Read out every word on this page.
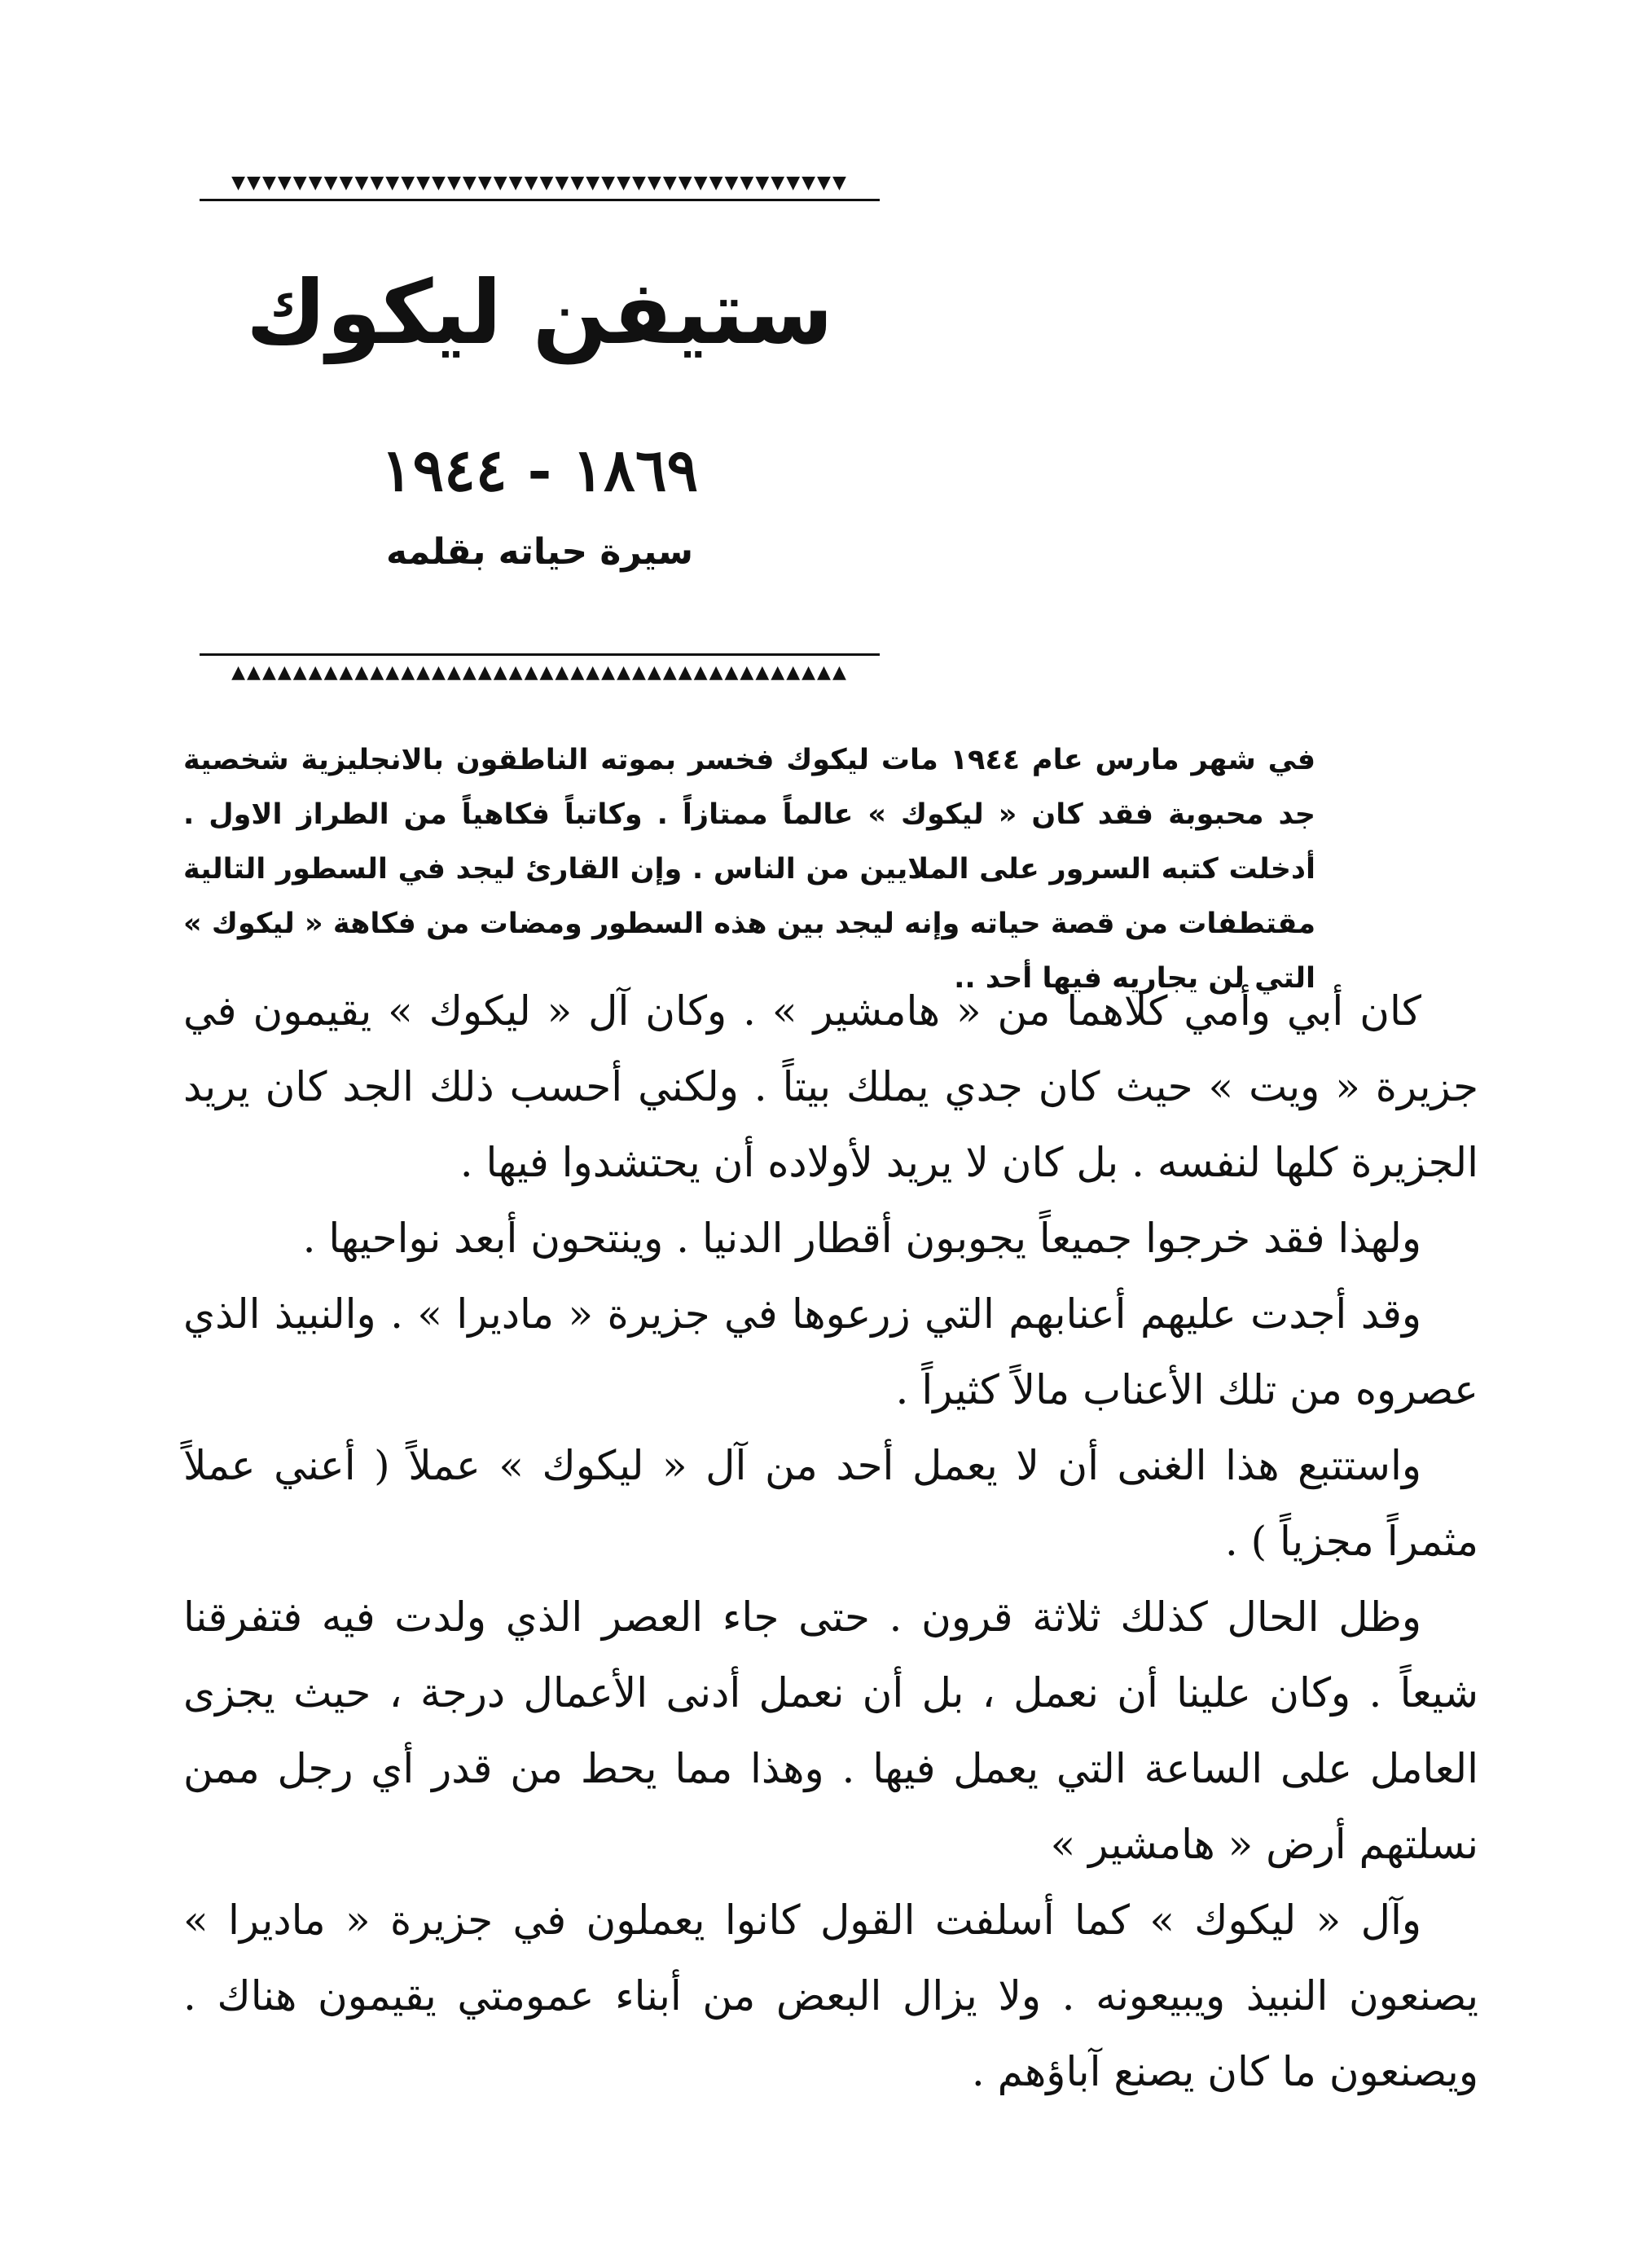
▼▼▼▼▼▼▼▼▼▼▼▼▼▼▼▼▼▼▼▼▼▼▼▼▼▼▼▼▼▼▼▼▼▼▼▼▼▼▼▼
ستيفن ليكوك
١٨٦٩ - ١٩٤٤
سيرة حياته بقلمه
▲▲▲▲▲▲▲▲▲▲▲▲▲▲▲▲▲▲▲▲▲▲▲▲▲▲▲▲▲▲▲▲▲▲▲▲▲▲▲▲
في شهر مارس عام ١٩٤٤ مات ليكوك فخسر بموته الناطقون بالانجليزية شخصية جد محبوبة فقد كان « ليكوك » عالماً ممتازاً . وكاتباً فكاهياً من الطراز الاول . أدخلت كتبه السرور على الملايين من الناس . وإن القارئ ليجد في السطور التالية مقتطفات من قصة حياته وإنه ليجد بين هذه السطور ومضات من فكاهة « ليكوك » التي لن يجاريه فيها أحد ..

كان أبي وأمي كلاهما من « هامشير » . وكان آل « ليكوك » يقيمون في جزيرة « ويت » حيث كان جدي يملك بيتاً . ولكني أحسب ذلك الجد كان يريد الجزيرة كلها لنفسه . بل كان لا يريد لأولاده أن يحتشدوا فيها .

ولهذا فقد خرجوا جميعاً يجوبون أقطار الدنيا . وينتحون أبعد نواحيها .

وقد أجدت عليهم أعنابهم التي زرعوها في جزيرة « ماديرا » . والنبيذ الذي عصروه من تلك الأعناب مالاً كثيراً .

واستتبع هذا الغنى أن لا يعمل أحد من آل « ليكوك » عملاً ( أعني عملاً مثمراً مجزياً ) .

وظل الحال كذلك ثلاثة قرون . حتى جاء العصر الذي ولدت فيه فتفرقنا شيعاً . وكان علينا أن نعمل ، بل أن نعمل أدنى الأعمال درجة ، حيث يجزى العامل على الساعة التي يعمل فيها . وهذا مما يحط من قدر أي رجل ممن نسلتهم أرض « هامشير »

وآل « ليكوك » كما أسلفت القول كانوا يعملون في جزيرة « ماديرا » يصنعون النبيذ ويبيعونه . ولا يزال البعض من أبناء عمومتي يقيمون هناك . ويصنعون ما كان يصنع آباؤهم .
